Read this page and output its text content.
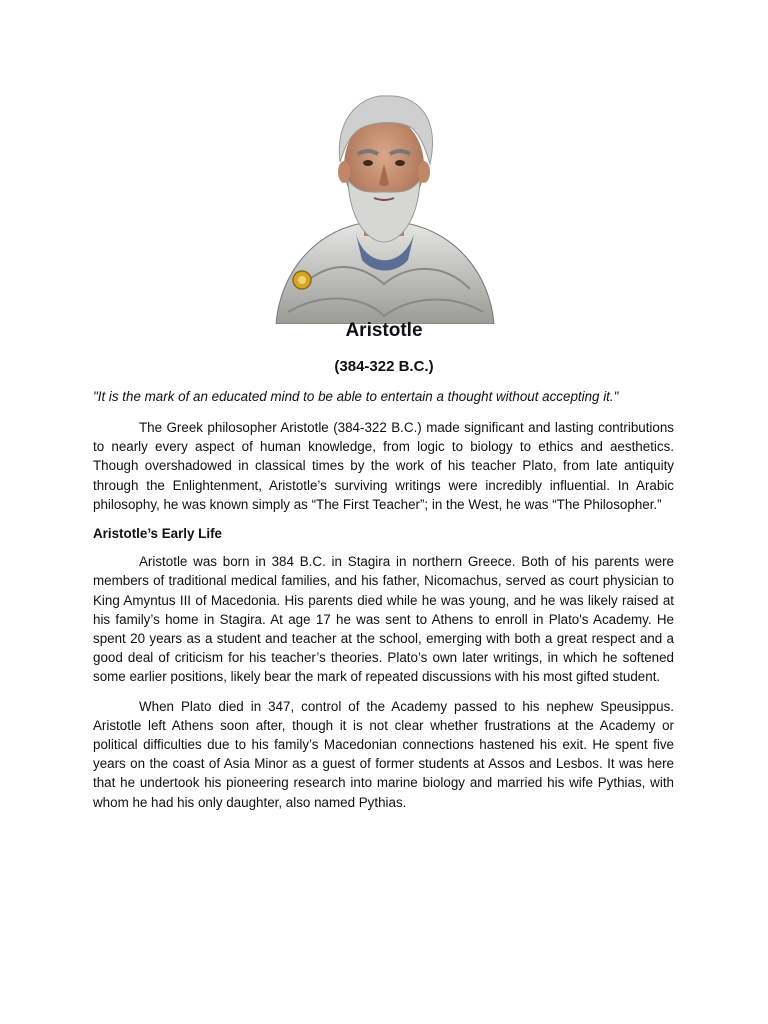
Aristotle
(384-322 B.C.)
"It is the mark of an educated mind to be able to entertain a thought without accepting it."

The Greek philosopher Aristotle (384-322 B.C.) made significant and lasting contributions to nearly every aspect of human knowledge, from logic to biology to ethics and aesthetics. Though overshadowed in classical times by the work of his teacher Plato, from late antiquity through the Enlightenment, Aristotle’s surviving writings were incredibly influential. In Arabic philosophy, he was known simply as “The First Teacher”; in the West, he was “The Philosopher.”

Aristotle’s Early Life

Aristotle was born in 384 B.C. in Stagira in northern Greece. Both of his parents were members of traditional medical families, and his father, Nicomachus, served as court physician to King Amyntus III of Macedonia. His parents died while he was young, and he was likely raised at his family’s home in Stagira. At age 17 he was sent to Athens to enroll in Plato's Academy. He spent 20 years as a student and teacher at the school, emerging with both a great respect and a good deal of criticism for his teacher’s theories. Plato’s own later writings, in which he softened some earlier positions, likely bear the mark of repeated discussions with his most gifted student.

When Plato died in 347, control of the Academy passed to his nephew Speusippus. Aristotle left Athens soon after, though it is not clear whether frustrations at the Academy or political difficulties due to his family’s Macedonian connections hastened his exit. He spent five years on the coast of Asia Minor as a guest of former students at Assos and Lesbos. It was here that he undertook his pioneering research into marine biology and married his wife Pythias, with whom he had his only daughter, also named Pythias.
